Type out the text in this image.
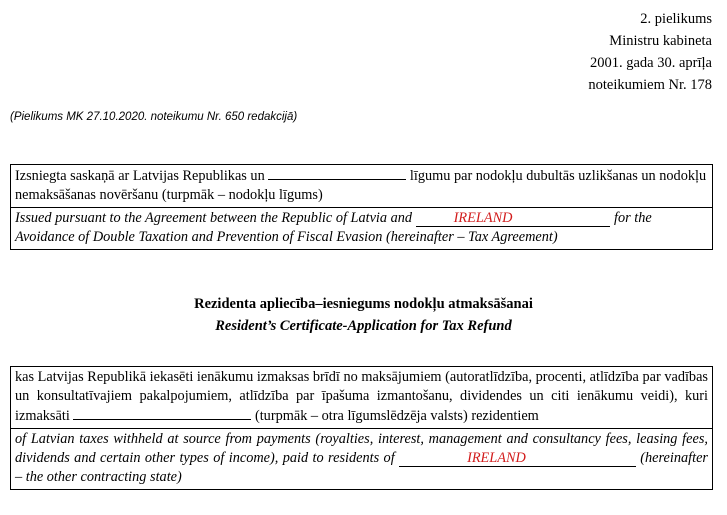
2. pielikums
Ministru kabineta
2001. gada 30. aprīļa
noteikumiem Nr. 178
(Pielikums MK 27.10.2020. noteikumu Nr. 650 redakcijā)
Izsniegta saskaņā ar Latvijas Republikas un	līgumu par nodokļu dubultās uzlikšanas un nodokļu nemaksāšanas novēršanu (turpmāk – nodokļu līgums)
Issued pursuant to the Agreement between the Republic of Latvia and	IRELAND	for the Avoidance of Double Taxation and Prevention of Fiscal Evasion (hereinafter – Tax Agreement)
Rezidenta apliecība–iesniegums nodokļu atmaksāšanai
Resident’s Certificate-Application for Tax Refund
kas Latvijas Republikā iekasēti ienākumu izmaksas brīdī no maksājumiem (autoratlīdzība, procenti, atlīdzība par vadības un konsultatīvajiem pakalpojumiem, atlīdzība par īpašuma izmantošanu, dividendes un citi ienākumu veidi), kuri izmaksāti	(turpmāk – otra līgumslēdzēja valsts) rezidentiem
of Latvian taxes withheld at source from payments (royalties, interest, management and consultancy fees, leasing fees, dividends and certain other types of income), paid to residents of	IRELAND	(hereinafter – the other contracting state)
